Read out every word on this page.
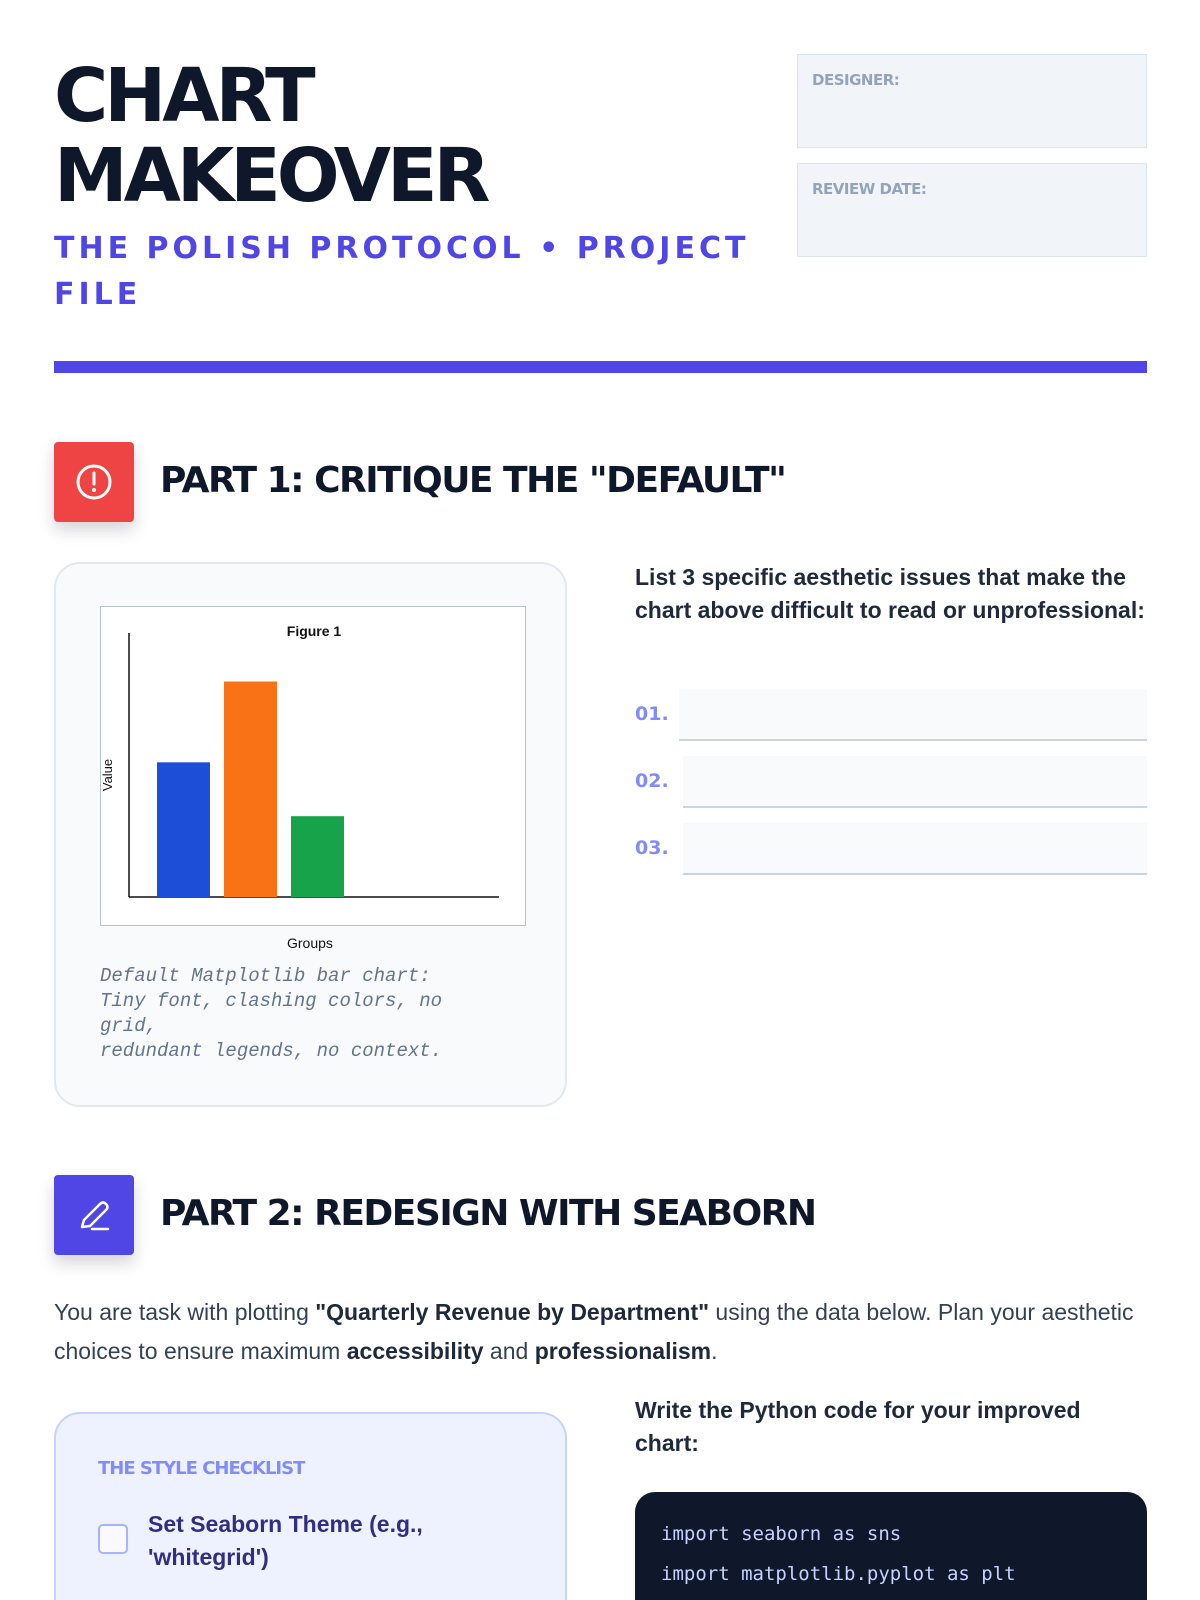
CHART
MAKEOVER
THE POLISH PROTOCOL • PROJECT FILE
DESIGNER:
REVIEW DATE:
PART 1: CRITIQUE THE "DEFAULT"
Figure 1
Value
Groups
Default Matplotlib bar chart:
Tiny font, clashing colors, no
grid,
redundant legends, no context.
List 3 specific aesthetic issues that make the chart above difficult to read or unprofessional:
01.
02.
03.
PART 2: REDESIGN WITH SEABORN
You are task with plotting "Quarterly Revenue by Department" using the data below. Plan your aesthetic choices to ensure maximum accessibility and professionalism.
THE STYLE CHECKLIST
Set Seaborn Theme (e.g., 'whitegrid')
Write the Python code for your improved chart:
import seaborn as sns
import matplotlib.pyplot as plt
